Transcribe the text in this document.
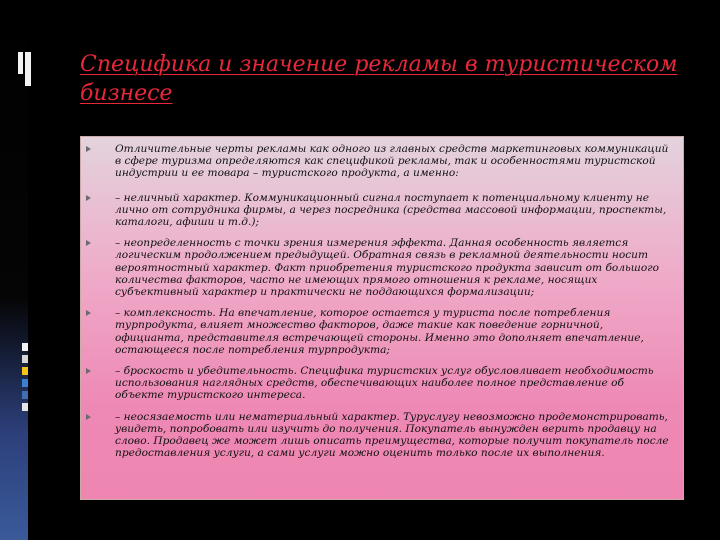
Специфика и значение рекламы в туристическом бизнесе
Отличительные черты рекламы как одного из главных средств маркетинговых коммуникаций в сфере туризма определяются как спецификой рекламы, так и особенностями туристской индустрии и ее товара – туристского продукта, а именно:
– неличный характер. Коммуникационный сигнал поступает к потенциальному клиенту не лично от сотрудника фирмы, а через посредника (средства массовой информации, проспекты, каталоги, афиши и т.д.);
– неопределенность с точки зрения измерения эффекта. Данная особенность является логическим продолжением предыдущей. Обратная связь в рекламной деятельности носит вероятностный характер. Факт приобретения туристского продукта зависит от большого количества факторов, часто не имеющих прямого отношения к рекламе, носящих субъективный характер и практически не поддающихся формализации;
– комплексность. На впечатление, которое остается у туриста после потребления турпродукта, влияет множество факторов, даже такие как поведение горничной, официанта, представителя встречающей стороны. Именно это дополняет впечатление, остающееся после потребления турпродукта;
– броскость и убедительность. Специфика туристских услуг обусловливает необходимость использования наглядных средств, обеспечивающих наиболее полное представление об объекте туристского интереса.
– неосязаемость или нематериальный характер. Туруслугу невозможно продемонстрировать, увидеть, попробовать или изучить до получения. Покупатель вынужден верить продавцу на слово. Продавец же может лишь описать преимущества, которые получит покупатель после предоставления услуги, а сами услуги можно оценить только после их выполнения.
